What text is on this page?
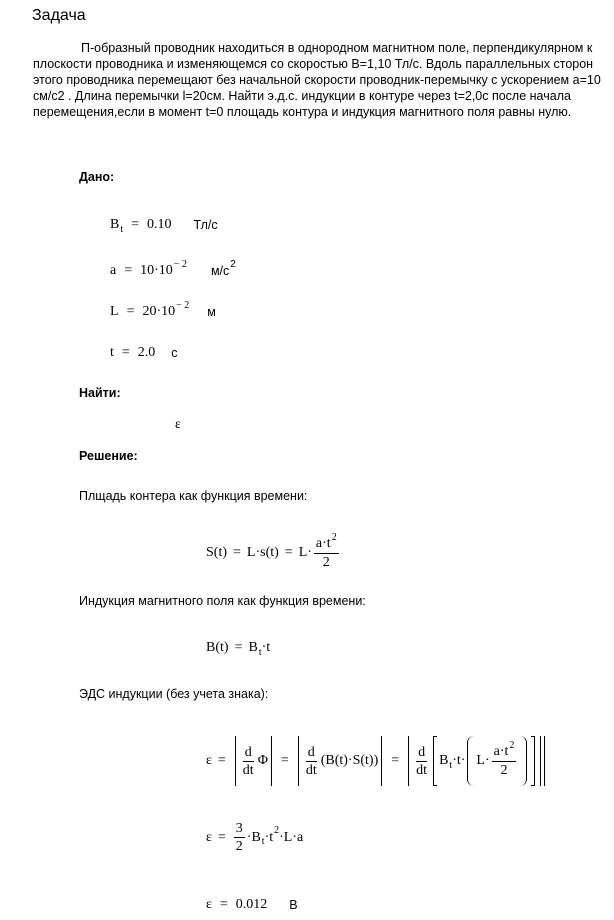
Задача
П-образный проводник находиться в однородном магнитном поле, перпендикулярном к плоскости проводника и изменяющемся со скоростью B=1,10 Тл/с. Вдоль параллельных сторон этого проводника перемещают без начальной скорости проводник-перемычку с ускорением a=10 см/с2 . Длина перемычки l=20см. Найти э.д.с. индукции в контуре через t=2,0с после начала перемещения,если в момент t=0 площадь контура и индукция магнитного поля равны нулю.
Дано:
B t = 0.10 Тл/с
a = 10·10 − 2 м/с 2
L = 20·10 − 2 м
t = 2.0 с
Найти:
ε
Решение:
Плщадь контера как функция времени:
$S(t) = L\cdot s(t) = L\cdot \frac{a\cdot t^2}{2}$
Индукция магнитного поля как функция времени:
B(t) = B t ·t
ЭДС индукции (без учета знака):
$\varepsilon = \frac{d}{dt}$ $\Phi = \frac{d}{dt} (B(t)\cdot S(t)) = \frac{d}{dt}$ B $t \cdot t\cdot L\cdot \frac{a\cdot t^2}{2}$
$\varepsilon = \frac{3}{2} \cdot B$ t ·t 2 ·L·a
ε = 0.012 В
